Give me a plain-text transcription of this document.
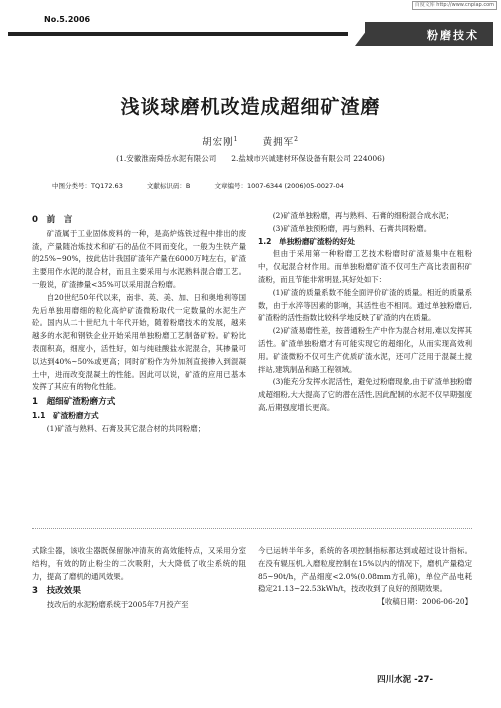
百度文库 http://www.cnpiap.com
No.5.2006
粉磨技术
浅谈球磨机改造成超细矿渣磨
胡宏刚$^1$	黄拥军$^2$
(1.安徽淮南舜岳水泥有限公司　　2.盐城市兴诚建材环保设备有限公司 224006)
中图分类号：TQ172.63	文献标识码：B	文章编号：1007-6344 (2006)05-0027-04
0　前　言

矿渣属于工业固体废料的一种，是高炉炼铁过程中排出的废渣，产量随冶炼技术和矿石的品位不同而变化，一般为生铁产量的25%~90%，按此估计我国矿渣年产量在6000万吨左右，矿渣主要用作水泥的混合材，而且主要采用与水泥熟料混合磨工艺。一般说，矿渣掺量<35%可以采用混合粉磨。

自20世纪50年代以来，南非、英、美、加、日和奥地利等国先后单独用磨细的粒化高炉矿渣微粉取代一定数量的水泥生产砼。国内从二十世纪九十年代开始，随着粉磨技术的发展，越来越多的水泥和钢铁企业开始采用单独粉磨工艺制备矿粉。矿粉比表面积高，细度小，活性好，如与纯硅酸盐水泥混合，其掺量可以达到40%~50%或更高；同时矿粉作为外加剂直接掺入到混凝土中，进而改变混凝土的性能。因此可以说，矿渣的应用已基本发挥了其应有的物化性能。

1　超细矿渣粉磨方式
1.1　矿渣粉磨方式

(1)矿渣与熟料、石膏及其它混合材的共同粉磨；

(2)矿渣单独粉磨，再与熟料、石膏的细粉混合成水泥；

(3)矿渣单独预粉磨，再与熟料、石膏共同粉磨。

1.2　单独粉磨矿渣粉的好处

但由于采用第一种粉磨工艺技术粉磨时矿渣易集中在粗粉中，仅起混合材作用。而单独粉磨矿渣不仅可生产高比表面积矿渣粉，而且节能非常明显,其好处如下：

(1)矿渣的质量系数不能全面评价矿渣的质量。相近的质量系数，由于水淬等因素的影响，其活性也不相同。通过单独粉磨后,矿渣粉的活性指数比较科学地反映了矿渣的内在质量。

(2)矿渣易磨性差，按普通粉生产中作为混合材用,难以发挥其活性。矿渣单独粉磨才有可能实现它的超细化，从而实现高效利用。矿渣微粉不仅可生产优质矿渣水泥，还可广泛用于混凝土搅拌站,建筑制品和路工程领域。

(3)能充分发挥水泥活性，避免过粉磨现象,由于矿渣单独粉磨成超细粉,大大提高了它的潜在活性,因此配制的水泥不仅早期强度高,后期强度增长更高。

式除尘器，该收尘器既保留脉冲清灰的高效能特点，又采用分室结构，有效的防止粉尘的二次吸附，大大降低了收尘系统的阻力，提高了磨机的通风效果。

3　技改效果

技改后的水泥粉磨系统于2005年7月投产至

今已运转半年多，系统的各项控制指标都达到或超过设计指标。在没有辊压机,入磨粒度控制在15%以内的情况下，磨机产量稳定85~90t/h，产品细度<2.0%(0.08mm方孔筛)，单位产品电耗稳定21.13~22.53kWh/t，技改收到了良好的预期效果。

【收稿日期：2006-06-20】

四川水泥 -27-
